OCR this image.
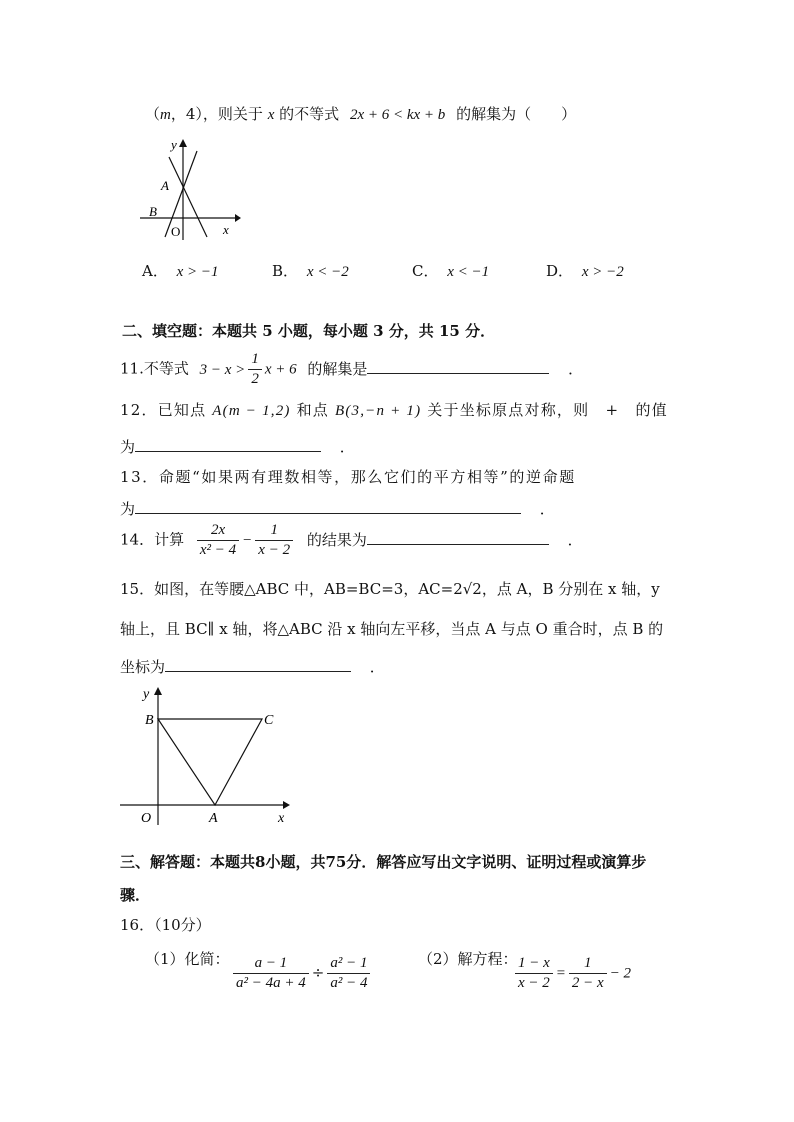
（m，4），则关于 x 的不等式 2x + 6 < kx + b 的解集为（　　）
y
A
B
O	x
A． x > −1	B． x < −2	C． x < −1	D． x > −2
二、填空题：本题共 5 小题，每小题 3 分，共 15 分．
11.不等式 $3 - x > \frac{1}{2}$ x + 6 的解集是	．
12．已知点 A(m − 1,2) 和点 B(3,−n + 1) 关于坐标原点对称，则　+　的值
为	．
13．命题“如果两有理数相等，那么它们的平方相等”的逆命题
为	．
14．计算 $\frac{2x}{\text{x² − 4}} - \frac{1}{x - 2}$ 的结果为	．
15．如图，在等腰△ABC 中，AB=BC=3，AC=2√2，点 A，B 分别在 x 轴，y
轴上，且 BC∥ x 轴，将△ABC 沿 x 轴向左平移，当点 A 与点 O 重合时，点 B 的
坐标为	．
y
B	C
O	A	x
三、解答题：本题共8小题，共75分．解答应写出文字说明、证明过程或演算步
骤．
16．（10分）
（1）化简： $\frac{a - 1}{\text{a² − 4a + 4}} \div \frac{\text{a² − 1}}{\text{a² − 4}}$	（2）解方程：
$\frac{1 - x}{x - 2} = \frac{1}{2 - x} - 2$
